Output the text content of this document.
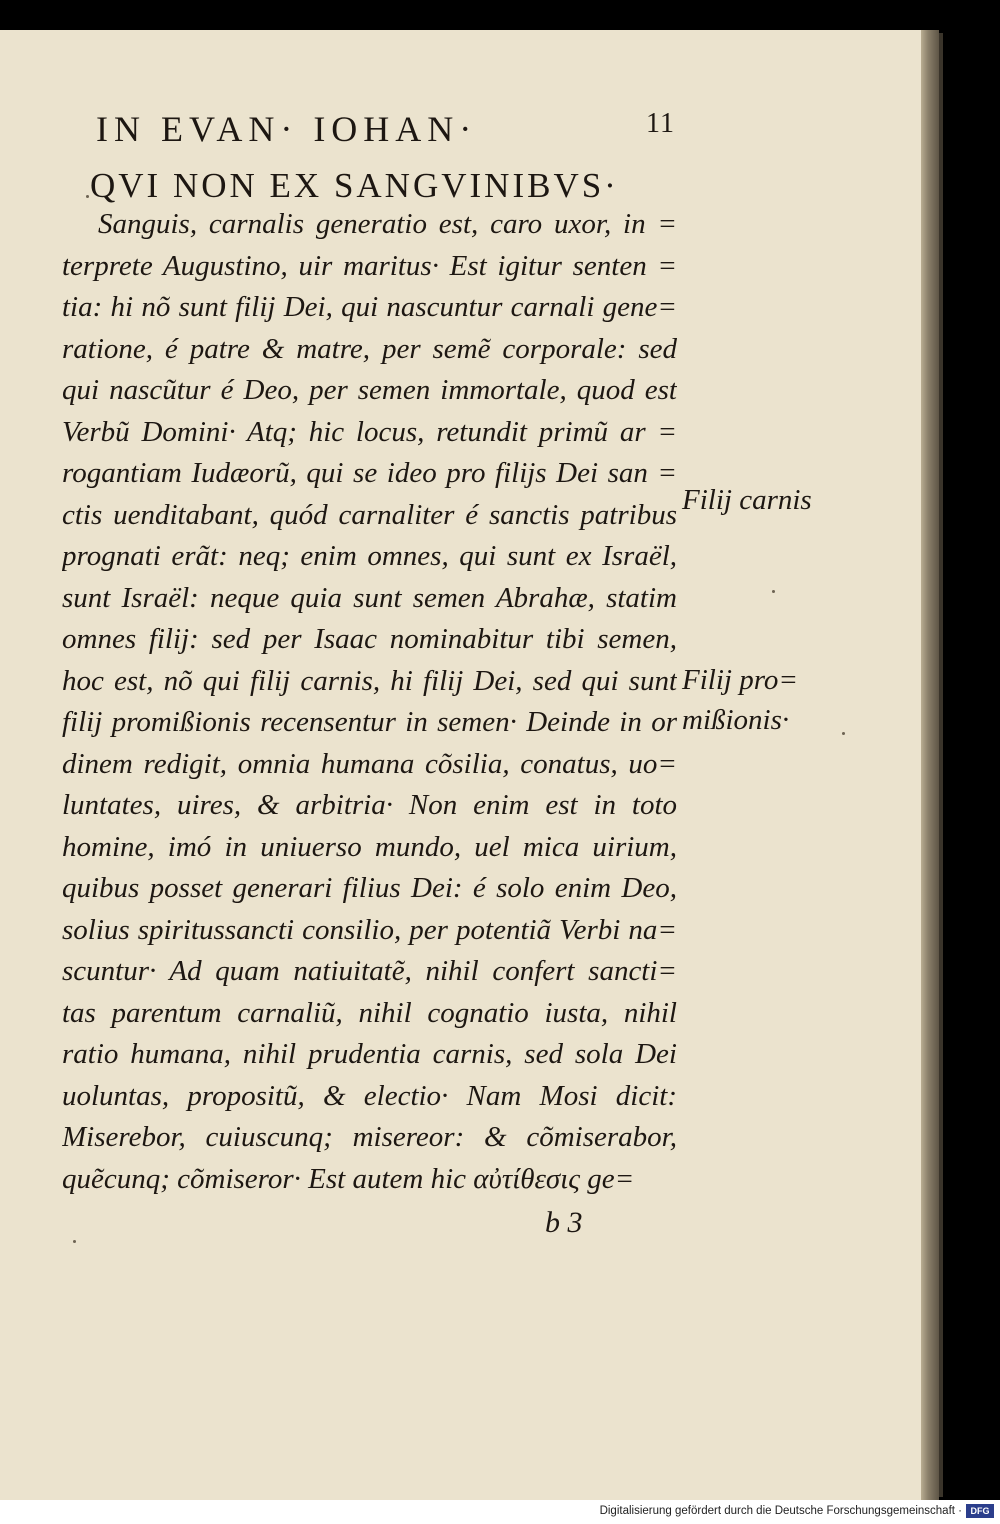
IN EVAN· IOHAN·	11
QVI NON EX SANGVINIBVS·
Sanguis, carnalis generatio est, caro uxor, in =
terprete Augustino, uir maritus· Est igitur senten =
tia: hi nõ sunt filij Dei, qui nascuntur carnali gene=
ratione, é patre & matre, per semẽ corporale: sed
qui nascũtur é Deo, per semen immortale, quod est
Verbũ Domini· Atq; hic locus, retundit primũ ar =
rogantiam Iudæorũ, qui se ideo pro filijs Dei san =
ctis uenditabant, quód carnaliter é sanctis patribus
prognati erãt: neq; enim omnes, qui sunt ex Israël,
sunt Israël: neque quia sunt semen Abrahæ, statim
omnes filij: sed per Isaac nominabitur tibi semen,
hoc est, nõ qui filij carnis, hi filij Dei, sed qui sunt
filij promißionis recensentur in semen· Deinde in or
dinem redigit, omnia humana cõsilia, conatus, uo=
luntates, uires, & arbitria· Non enim est in toto
homine, imó in uniuerso mundo, uel mica uirium,
quibus posset generari filius Dei: é solo enim Deo,
solius spiritussancti consilio, per potentiã Verbi na=
scuntur· Ad quam natiuitatẽ, nihil confert sancti=
tas parentum carnaliũ, nihil cognatio iusta, nihil
ratio humana, nihil prudentia carnis, sed sola Dei
uoluntas, propositũ, & electio· Nam Mosi dicit:
Miserebor, cuiuscunq; misereor: & cõmiserabor,
quẽcunq; cõmiseror· Est autem hic αὐτίθεσις ge=
Filij carnis
Filij pro=
mißionis·
b 3
Digitalisierung gefördert durch die Deutsche Forschungsgemeinschaft · DFG
